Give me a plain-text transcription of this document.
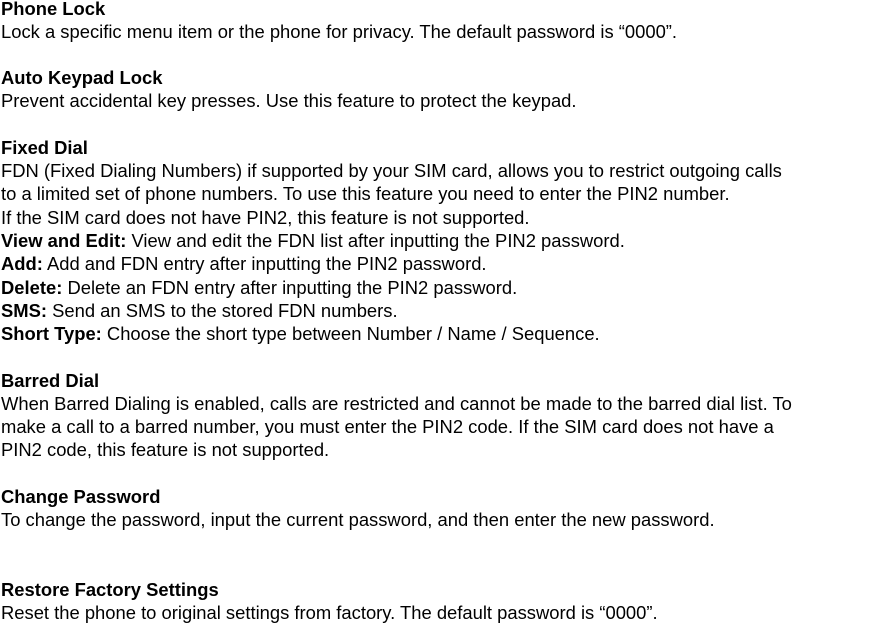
Phone Lock
Lock a specific menu item or the phone for privacy. The default password is “0000”.
Auto Keypad Lock
Prevent accidental key presses. Use this feature to protect the keypad.
Fixed Dial
FDN (Fixed Dialing Numbers) if supported by your SIM card, allows you to restrict outgoing calls
to a limited set of phone numbers. To use this feature you need to enter the PIN2 number.
If the SIM card does not have PIN2, this feature is not supported.
View and Edit: View and edit the FDN list after inputting the PIN2 password.
Add: Add and FDN entry after inputting the PIN2 password.
Delete: Delete an FDN entry after inputting the PIN2 password.
SMS: Send an SMS to the stored FDN numbers.
Short Type: Choose the short type between Number / Name / Sequence.
Barred Dial
When Barred Dialing is enabled, calls are restricted and cannot be made to the barred dial list. To
make a call to a barred number, you must enter the PIN2 code. If the SIM card does not have a
PIN2 code, this feature is not supported.
Change Password
To change the password, input the current password, and then enter the new password.
Restore Factory Settings
Reset the phone to original settings from factory. The default password is “0000”.
